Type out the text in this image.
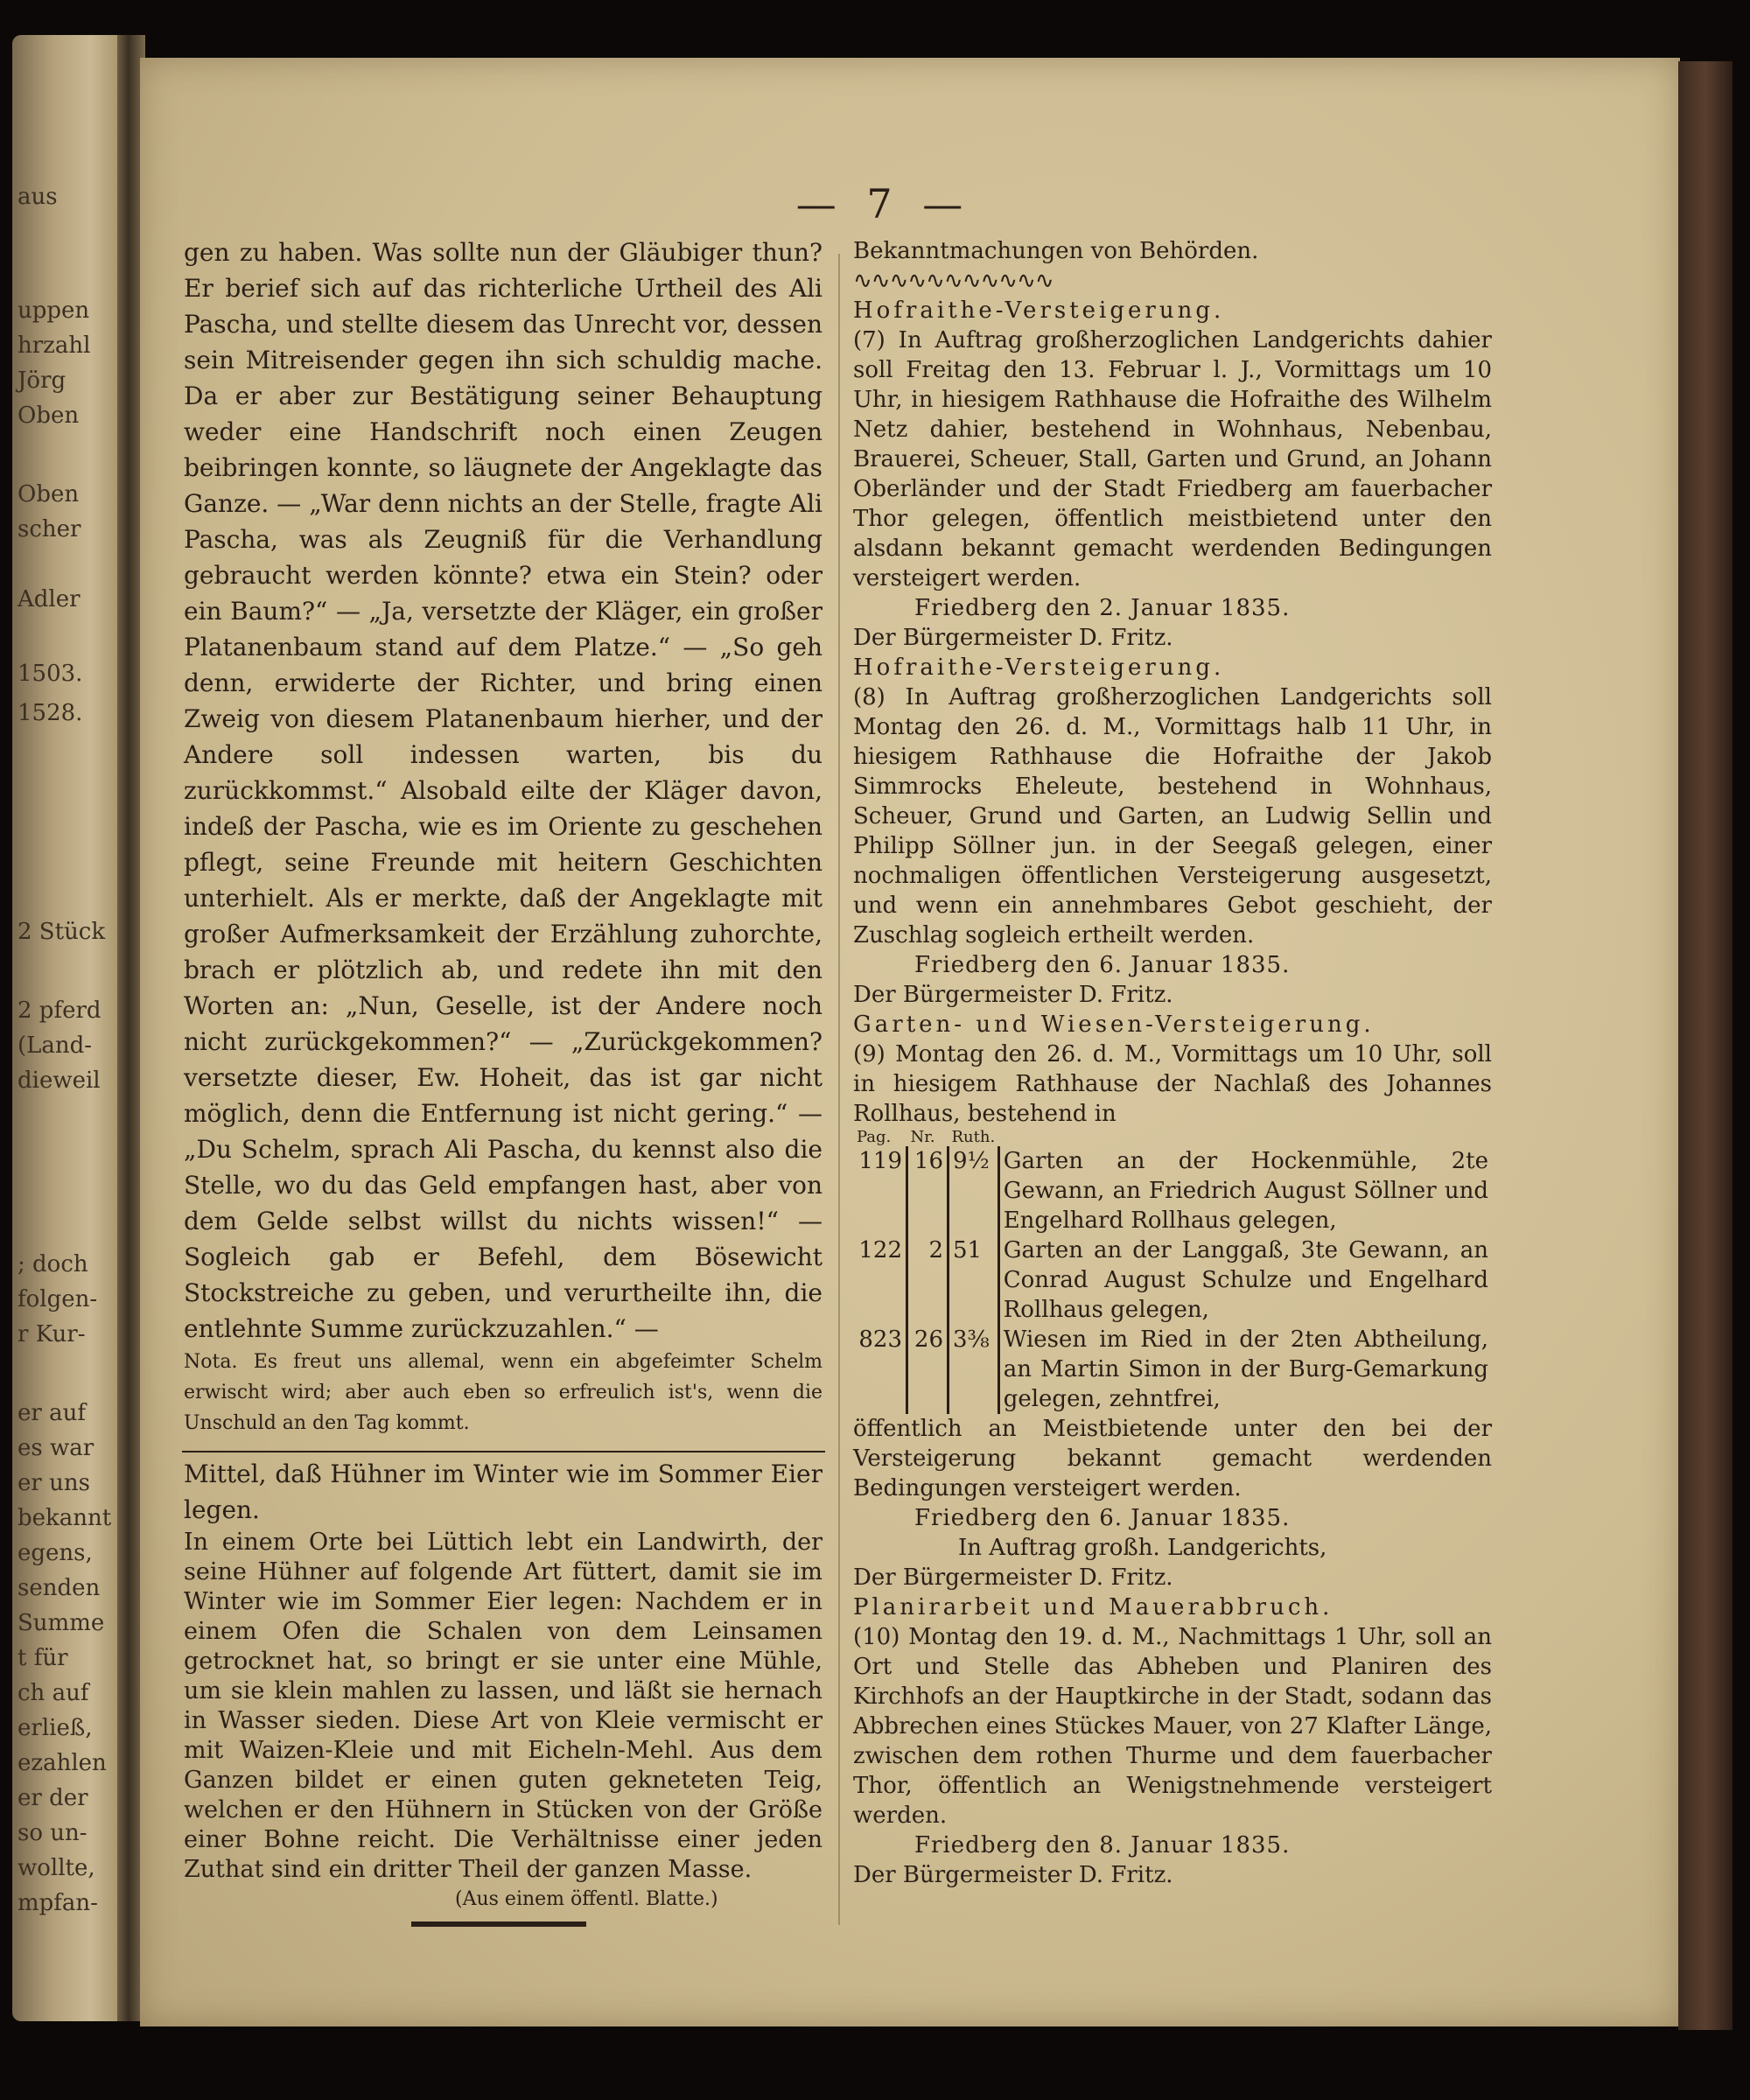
aus
uppen
hrzahl
Jörg
Oben
Oben
scher
Adler
1503.
1528.
2 Stück
2 pferd
(Land-
dieweil
; doch
folgen-
r Kur-
er auf
es war
er uns
bekannt
egens,
senden
Summe
t für
ch auf
erließ,
ezahlen
er der
so un-
wollte,
mpfan-
— 7 —

gen zu haben. Was sollte nun der Gläubiger thun? Er berief sich auf das richterliche Urtheil des Ali Pascha, und stellte diesem das Unrecht vor, dessen sein Mitreisender gegen ihn sich schuldig mache. Da er aber zur Bestätigung seiner Behauptung weder eine Handschrift noch einen Zeugen beibringen konnte, so läugnete der Angeklagte das Ganze. — „War denn nichts an der Stelle, fragte Ali Pascha, was als Zeugniß für die Verhandlung gebraucht werden könnte? etwa ein Stein? oder ein Baum?“ — „Ja, versetzte der Kläger, ein großer Platanenbaum stand auf dem Platze.“ — „So geh denn, erwiderte der Richter, und bring einen Zweig von diesem Platanenbaum hierher, und der Andere soll indessen warten, bis du zurückkommst.“ Alsobald eilte der Kläger davon, indeß der Pascha, wie es im Oriente zu geschehen pflegt, seine Freunde mit heitern Geschichten unterhielt. Als er merkte, daß der Angeklagte mit großer Aufmerksamkeit der Erzählung zuhorchte, brach er plötzlich ab, und redete ihn mit den Worten an: „Nun, Geselle, ist der Andere noch nicht zurückgekommen?“ — „Zurückgekommen? versetzte dieser, Ew. Hoheit, das ist gar nicht möglich, denn die Entfernung ist nicht gering.“ — „Du Schelm, sprach Ali Pascha, du kennst also die Stelle, wo du das Geld empfangen hast, aber von dem Gelde selbst willst du nichts wissen!“ — Sogleich gab er Befehl, dem Bösewicht Stockstreiche zu geben, und verurtheilte ihn, die entlehnte Summe zurückzuzahlen.“ —

Nota. Es freut uns allemal, wenn ein abgefeimter Schelm erwischt wird; aber auch eben so erfreulich ist's, wenn die Unschuld an den Tag kommt.

Mittel, daß Hühner im Winter wie im Sommer Eier legen.

In einem Orte bei Lüttich lebt ein Landwirth, der seine Hühner auf folgende Art füttert, damit sie im Winter wie im Sommer Eier legen: Nachdem er in einem Ofen die Schalen von dem Leinsamen getrocknet hat, so bringt er sie unter eine Mühle, um sie klein mahlen zu lassen, und läßt sie hernach in Wasser sieden. Diese Art von Kleie vermischt er mit Waizen-Kleie und mit Eicheln-Mehl. Aus dem Ganzen bildet er einen guten gekneteten Teig, welchen er den Hühnern in Stücken von der Größe einer Bohne reicht. Die Verhältnisse einer jeden Zuthat sind ein dritter Theil der ganzen Masse.

(Aus einem öffentl. Blatte.)

Bekanntmachungen von Behörden.

∿∿∿∿∿∿∿∿∿∿∿

Hofraithe-Versteigerung.

(7) In Auftrag großherzoglichen Landgerichts dahier soll Freitag den 13. Februar l. J., Vormittags um 10 Uhr, in hiesigem Rathhause die Hofraithe des Wilhelm Netz dahier, bestehend in Wohnhaus, Nebenbau, Brauerei, Scheuer, Stall, Garten und Grund, an Johann Oberländer und der Stadt Friedberg am fauerbacher Thor gelegen, öffentlich meistbietend unter den alsdann bekannt gemacht werdenden Bedingungen versteigert werden.

Friedberg den 2. Januar 1835.

Der Bürgermeister D. Fritz.

Hofraithe-Versteigerung.

(8) In Auftrag großherzoglichen Landgerichts soll Montag den 26. d. M., Vormittags halb 11 Uhr, in hiesigem Rathhause die Hofraithe der Jakob Simmrocks Eheleute, bestehend in Wohnhaus, Scheuer, Grund und Garten, an Ludwig Sellin und Philipp Söllner jun. in der Seegaß gelegen, einer nochmaligen öffentlichen Versteigerung ausgesetzt, und wenn ein annehmbares Gebot geschieht, der Zuschlag sogleich ertheilt werden.

Friedberg den 6. Januar 1835.

Der Bürgermeister D. Fritz.

Garten- und Wiesen-Versteigerung.

(9) Montag den 26. d. M., Vormittags um 10 Uhr, soll in hiesigem Rathhause der Nachlaß des Johannes Rollhaus, bestehend in

Pag.	Nr.	Ruth.	
119	16	9½	Garten an der Hockenmühle, 2te Gewann, an Friedrich August Söllner und Engelhard Rollhaus gelegen,
122	2	51	Garten an der Langgaß, 3te Gewann, an Conrad August Schulze und Engelhard Rollhaus gelegen,
823	26	3⅜	Wiesen im Ried in der 2ten Abtheilung, an Martin Simon in der Burg-Gemarkung gelegen, zehntfrei,

öffentlich an Meistbietende unter den bei der Versteigerung bekannt gemacht werdenden Bedingungen versteigert werden.

Friedberg den 6. Januar 1835.

In Auftrag großh. Landgerichts,

Der Bürgermeister D. Fritz.

Planirarbeit und Mauerabbruch.

(10) Montag den 19. d. M., Nachmittags 1 Uhr, soll an Ort und Stelle das Abheben und Planiren des Kirchhofs an der Hauptkirche in der Stadt, sodann das Abbrechen eines Stückes Mauer, von 27 Klafter Länge, zwischen dem rothen Thurme und dem fauerbacher Thor, öffentlich an Wenigstnehmende versteigert werden.

Friedberg den 8. Januar 1835.

Der Bürgermeister D. Fritz.
